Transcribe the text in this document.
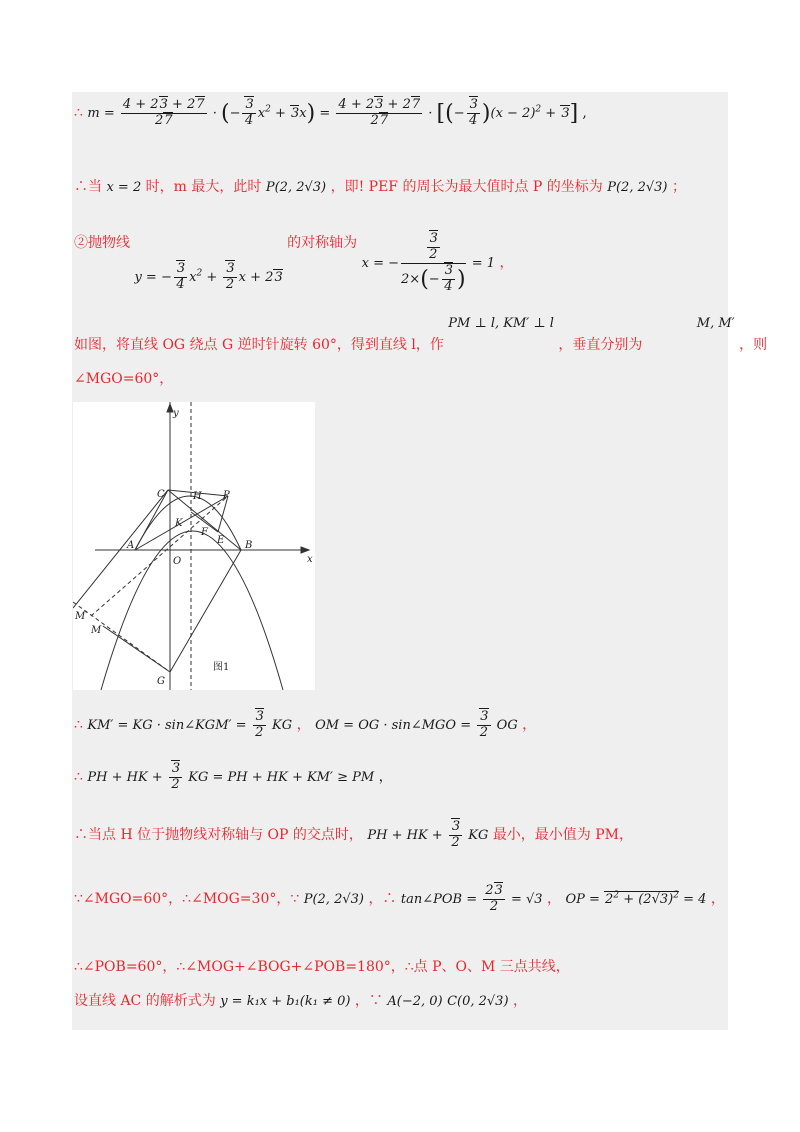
∴ $m = \frac{4 + 23 + 27}{27}$ · (− $\frac{3}{4} x^2 + 3x) = \frac{4 + 23 + 27}{27}$ · [(− $\frac{3}{4} )(x - 2)^2 + 3$] ,
∴当 x = 2 时，m 最大，此时 P(2, 2√3) ，即! PEF 的周长为最大值时点 P 的坐标为 P(2, 2√3) ；
②抛物线 y = − $\frac{3}{4} x^2 + \frac{3}{2}$ x + 23 的对称轴为 x = − $\frac{\frac{3}{2}}{2\times(- \frac{3}{4} )} = 1$ ，
如图，将直线 OG 绕点 G 逆时针旋转 60°，得到直线 l，作 PM ⊥ l, KM′ ⊥ l ，垂直分别为 M, M′ ，则
∠MGO=60°，
y
x
C	H P
K
F
E
A
O
B
M′
M
G
图1
∴ KM′ = KG · sin∠KGM′ = $\frac{3}{2}$ KG ， OM = OG · sin∠MGO = $\frac{3}{2}$ OG ，
∴ PH + HK + $\frac{3}{2}$ KG = PH + HK + KM′ ≥ PM ，
∴当点 H 位于抛物线对称轴与 OP 的交点时， PH + HK + $\frac{3}{2}$ KG 最小，最小值为 PM，
∵∠MGO=60°，∴∠MOG=30°，∵ P(2, 2√3) ，∴ tan∠POB = $\frac{23}{2} = √3$ ， OP = $2^2 + (2√3)^2 = 4$ ，
∴∠POB=60°，∴∠MOG+∠BOG+∠POB=180°，∴点 P、O、M 三点共线，
设直线 AC 的解析式为 y = k₁x + b₁(k₁ ≠ 0) ，∵ A(−2, 0) C(0, 2√3) ，
